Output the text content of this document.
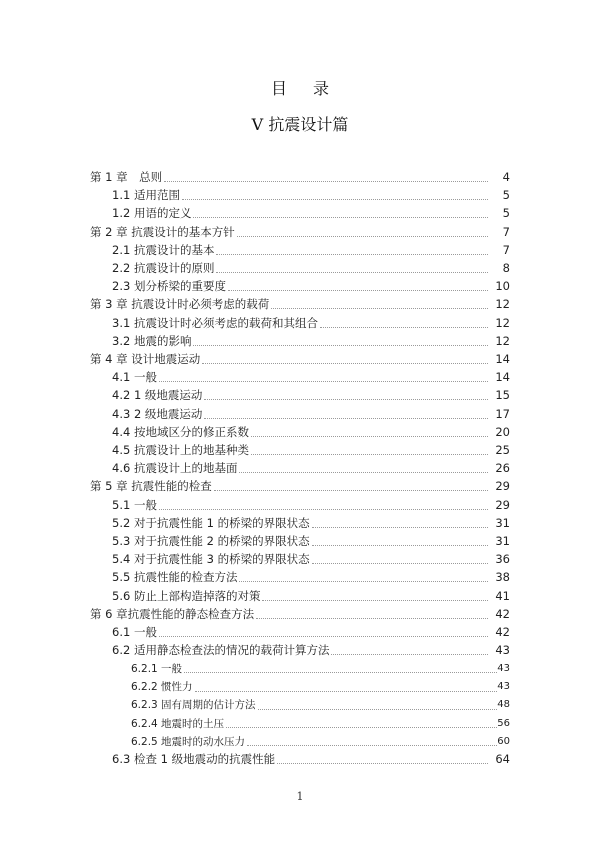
目录
V 抗震设计篇
第 1 章　总则	4
1.1 适用范围	5
1.2 用语的定义	5
第 2 章 抗震设计的基本方针	7
2.1 抗震设计的基本	7
2.2 抗震设计的原则	8
2.3 划分桥梁的重要度	10
第 3 章 抗震设计时必须考虑的载荷	12
3.1 抗震设计时必须考虑的载荷和其组合	12
3.2 地震的影响	12
第 4 章 设计地震运动	14
4.1 一般	14
4.2 1 级地震运动	15
4.3 2 级地震运动	17
4.4 按地域区分的修正系数	20
4.5 抗震设计上的地基种类	25
4.6 抗震设计上的地基面	26
第 5 章 抗震性能的检查	29
5.1 一般	29
5.2 对于抗震性能 1 的桥梁的界限状态	31
5.3 对于抗震性能 2 的桥梁的界限状态	31
5.4 对于抗震性能 3 的桥梁的界限状态	36
5.5 抗震性能的检查方法	38
5.6 防止上部构造掉落的对策	41
第 6 章抗震性能的静态检查方法	42
6.1 一般	42
6.2 适用静态检查法的情况的载荷计算方法	43
6.2.1 一般	43
6.2.2 惯性力	43
6.2.3 固有周期的估计方法	48
6.2.4 地震时的土压	56
6.2.5 地震时的动水压力	60
6.3 检查 1 级地震动的抗震性能	64
1
